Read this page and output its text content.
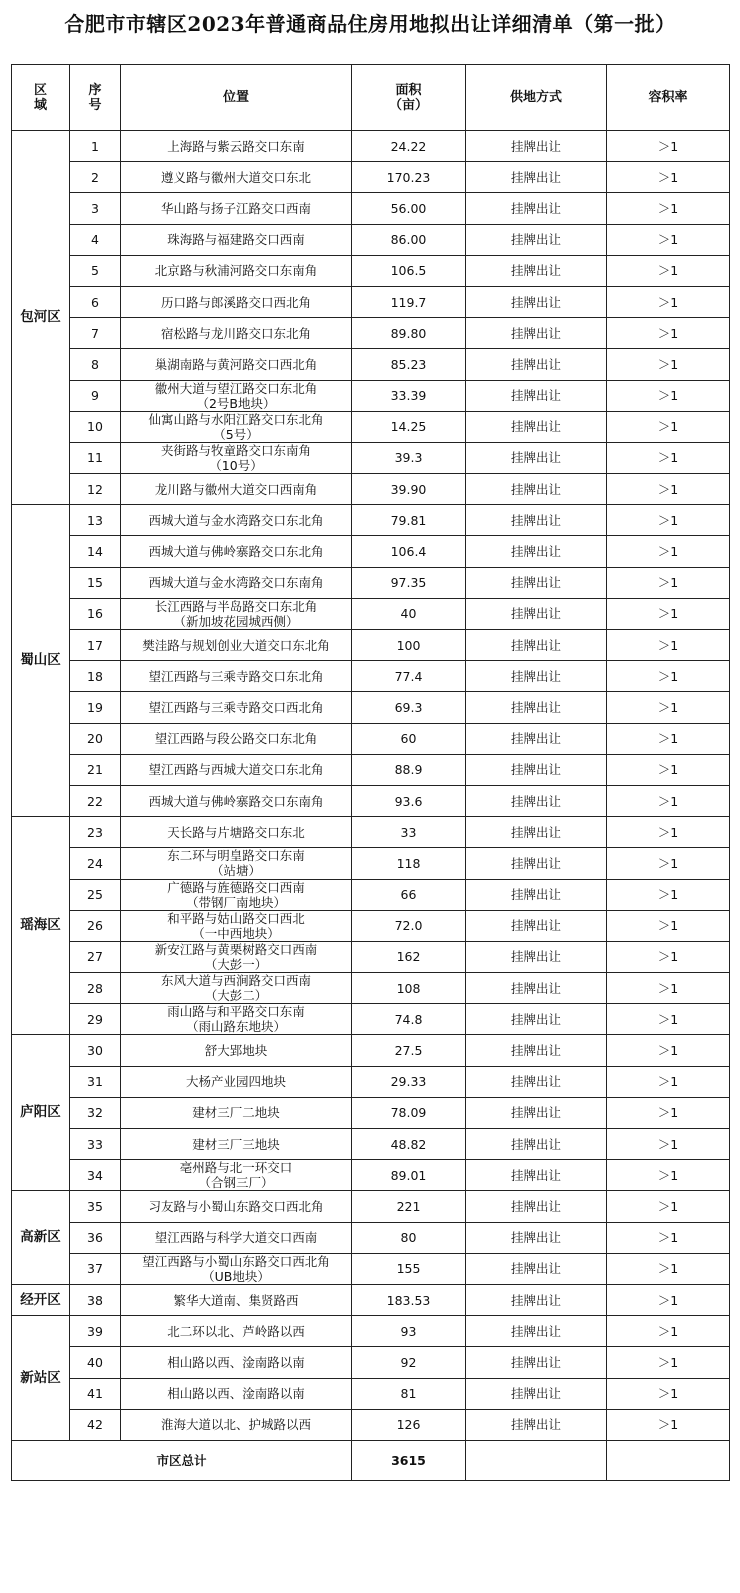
合肥市市辖区2023年普通商品住房用地拟出让详细清单（第一批）
区
域	序
号	位置	面积
（亩）	供地方式	容积率
包河区	1	上海路与紫云路交口东南	24.22	挂牌出让	＞1
	2	遵义路与徽州大道交口东北	170.23	挂牌出让	＞1
	3	华山路与扬子江路交口西南	56.00	挂牌出让	＞1
	4	珠海路与福建路交口西南	86.00	挂牌出让	＞1
	5	北京路与秋浦河路交口东南角	106.5	挂牌出让	＞1
	6	历口路与郎溪路交口西北角	119.7	挂牌出让	＞1
	7	宿松路与龙川路交口东北角	89.80	挂牌出让	＞1
	8	巢湖南路与黄河路交口西北角	85.23	挂牌出让	＞1
	9	徽州大道与望江路交口东北角
（2号B地块）	33.39	挂牌出让	＞1
	10	仙寓山路与水阳江路交口东北角
（5号）	14.25	挂牌出让	＞1
	11	夹街路与牧童路交口东南角
（10号）	39.3	挂牌出让	＞1
	12	龙川路与徽州大道交口西南角	39.90	挂牌出让	＞1
蜀山区	13	西城大道与金水湾路交口东北角	79.81	挂牌出让	＞1
	14	西城大道与佛岭寨路交口东北角	106.4	挂牌出让	＞1
	15	西城大道与金水湾路交口东南角	97.35	挂牌出让	＞1
	16	长江西路与半岛路交口东北角
（新加坡花园城西侧）	40	挂牌出让	＞1
	17	樊洼路与规划创业大道交口东北角	100	挂牌出让	＞1
	18	望江西路与三乘寺路交口东北角	77.4	挂牌出让	＞1
	19	望江西路与三乘寺路交口西北角	69.3	挂牌出让	＞1
	20	望江西路与段公路交口东北角	60	挂牌出让	＞1
	21	望江西路与西城大道交口东北角	88.9	挂牌出让	＞1
	22	西城大道与佛岭寨路交口东南角	93.6	挂牌出让	＞1
瑶海区	23	天长路与片塘路交口东北	33	挂牌出让	＞1
	24	东二环与明皇路交口东南
（站塘）	118	挂牌出让	＞1
	25	广德路与旌德路交口西南
（带钢厂南地块）	66	挂牌出让	＞1
	26	和平路与姑山路交口西北
（一中西地块）	72.0	挂牌出让	＞1
	27	新安江路与黄栗树路交口西南
（大彭一）	162	挂牌出让	＞1
	28	东风大道与西涧路交口西南
（大彭二）	108	挂牌出让	＞1
	29	雨山路与和平路交口东南
（雨山路东地块）	74.8	挂牌出让	＞1
庐阳区	30	舒大郢地块	27.5	挂牌出让	＞1
	31	大杨产业园四地块	29.33	挂牌出让	＞1
	32	建材三厂二地块	78.09	挂牌出让	＞1
	33	建材三厂三地块	48.82	挂牌出让	＞1
	34	亳州路与北一环交口
（合钢三厂）	89.01	挂牌出让	＞1
高新区	35	习友路与小蜀山东路交口西北角	221	挂牌出让	＞1
	36	望江西路与科学大道交口西南	80	挂牌出让	＞1
	37	望江西路与小蜀山东路交口西北角
（UB地块）	155	挂牌出让	＞1
经开区	38	繁华大道南、集贤路西	183.53	挂牌出让	＞1
新站区	39	北二环以北、芦岭路以西	93	挂牌出让	＞1
	40	相山路以西、淦南路以南	92	挂牌出让	＞1
	41	相山路以西、淦南路以南	81	挂牌出让	＞1
	42	淮海大道以北、护城路以西	126	挂牌出让	＞1
市区总计			3615		
